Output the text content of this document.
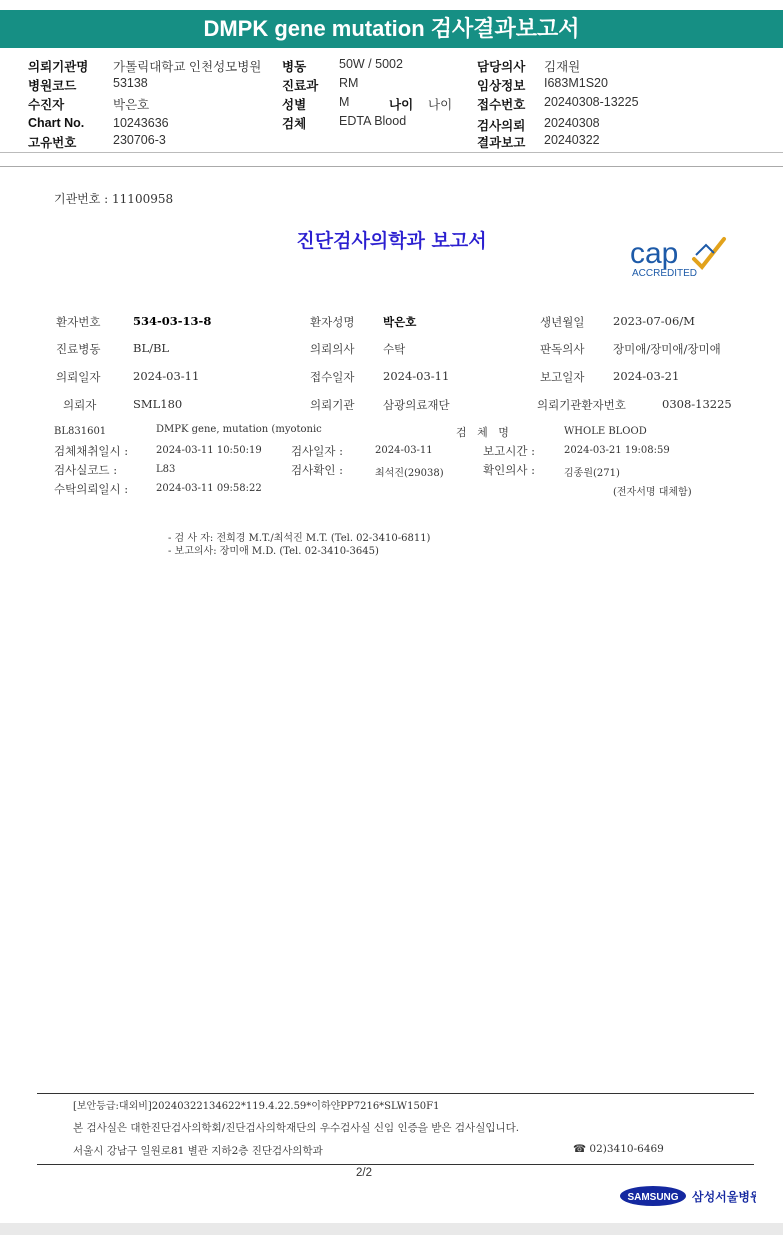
DMPK gene mutation 검사결과보고서
의뢰기관명 가톨릭대학교 인천성모병원
병원코드	53138
수진자	박은호
Chart No. 10243636
고유번호	230706-3
병동	50W / 5002
진료과 RM
성별	M	나이 나이
검체	EDTA Blood
담당의사 김재원
임상정보 I683M1S20
접수번호 20240308-13225
검사의뢰 20240308
결과보고 20240322
기관번호 : 11100958
진단검사의학과 보고서	cap
ACCREDITED
환자번호	534-03-13-8	환자성명 박은호	생년월일 2023-07-06/M
진료병동	BL/BL	의뢰의사 수탁	판독의사 장미애/장미애/장미애
의뢰일자	2024-03-11	접수일자 2024-03-11	보고일자 2024-03-21
의뢰자	SML180	의뢰기관 삼광의료재단	의뢰기관환자번호	0308-13225
BL831601	DMPK gene, mutation (myotonic	검   체   명	WHOLE BLOOD
검체채취일시 :	2024-03-11 10:50:19	검사일자 :	2024-03-11	보고시간 :	2024-03-21 19:08:59
검사실코드 :	L83	검사확인 :	최석진(29038)	확인의사 :	김종원(271)
수탁의뢰일시 :	2024-03-11 09:58:22	(전자서명 대체함)
- 검 사 자: 전희경 M.T./최석진 M.T. (Tel. 02-3410-6811)
- 보고의사: 장미애 M.D. (Tel. 02-3410-3645)
[보안등급:대외비]20240322134622*119.4.22.59*이하얀PP7216*SLW150F1
본 검사실은 대한진단검사의학회/진단검사의학재단의 우수검사실 신임 인증을 받은 검사실입니다.
서울시 강남구 일원로81 별관 지하2층 진단검사의학과	☎ 02)3410-6469
2/2
SAMSUNG 삼성서울병원
